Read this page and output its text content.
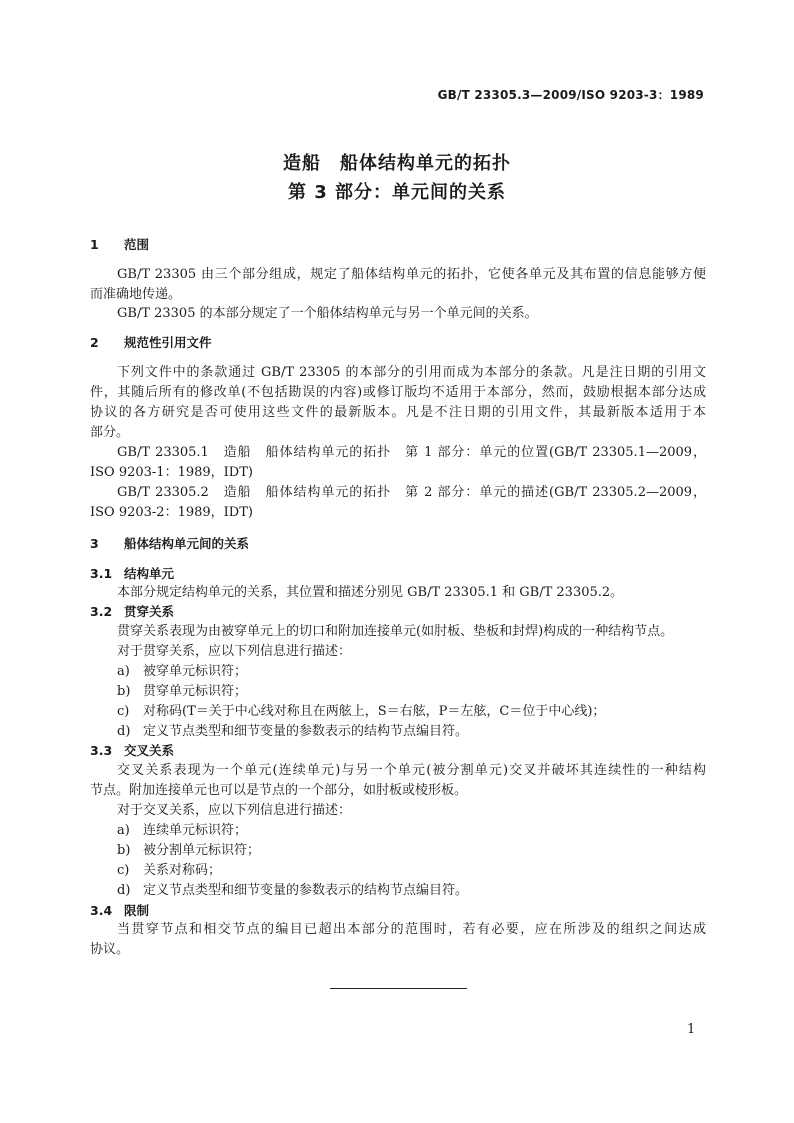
GB/T 23305.3—2009/ISO 9203-3：1989
造船　船体结构单元的拓扑
第 3 部分：单元间的关系
1 范围
GB/T 23305 由三个部分组成，规定了船体结构单元的拓扑，它使各单元及其布置的信息能够方便
而准确地传递。
GB/T 23305 的本部分规定了一个船体结构单元与另一个单元间的关系。
2 规范性引用文件
下列文件中的条款通过 GB/T 23305 的本部分的引用而成为本部分的条款。凡是注日期的引用文
件，其随后所有的修改单(不包括勘误的内容)或修订版均不适用于本部分，然而，鼓励根据本部分达成
协议的各方研究是否可使用这些文件的最新版本。凡是不注日期的引用文件，其最新版本适用于本
部分。
GB/T 23305.1　造船　船体结构单元的拓扑　第 1 部分：单元的位置(GB/T 23305.1—2009，
ISO 9203-1：1989，IDT)
GB/T 23305.2　造船　船体结构单元的拓扑　第 2 部分：单元的描述(GB/T 23305.2—2009，
ISO 9203-2：1989，IDT)
3 船体结构单元间的关系
3.1 结构单元
本部分规定结构单元的关系，其位置和描述分别见 GB/T 23305.1 和 GB/T 23305.2。
3.2 贯穿关系
贯穿关系表现为由被穿单元上的切口和附加连接单元(如肘板、垫板和封焊)构成的一种结构节点。
对于贯穿关系，应以下列信息进行描述：
a) 被穿单元标识符；
b) 贯穿单元标识符；
c) 对称码(T＝关于中心线对称且在两舷上，S＝右舷，P＝左舷，C＝位于中心线)；
d) 定义节点类型和细节变量的参数表示的结构节点编目符。
3.3 交叉关系
交叉关系表现为一个单元(连续单元)与另一个单元(被分割单元)交叉并破坏其连续性的一种结构
节点。附加连接单元也可以是节点的一个部分，如肘板或棱形板。
对于交叉关系，应以下列信息进行描述：
a) 连续单元标识符；
b) 被分割单元标识符；
c) 关系对称码；
d) 定义节点类型和细节变量的参数表示的结构节点编目符。
3.4 限制
当贯穿节点和相交节点的编目已超出本部分的范围时，若有必要，应在所涉及的组织之间达成
协议。
1
